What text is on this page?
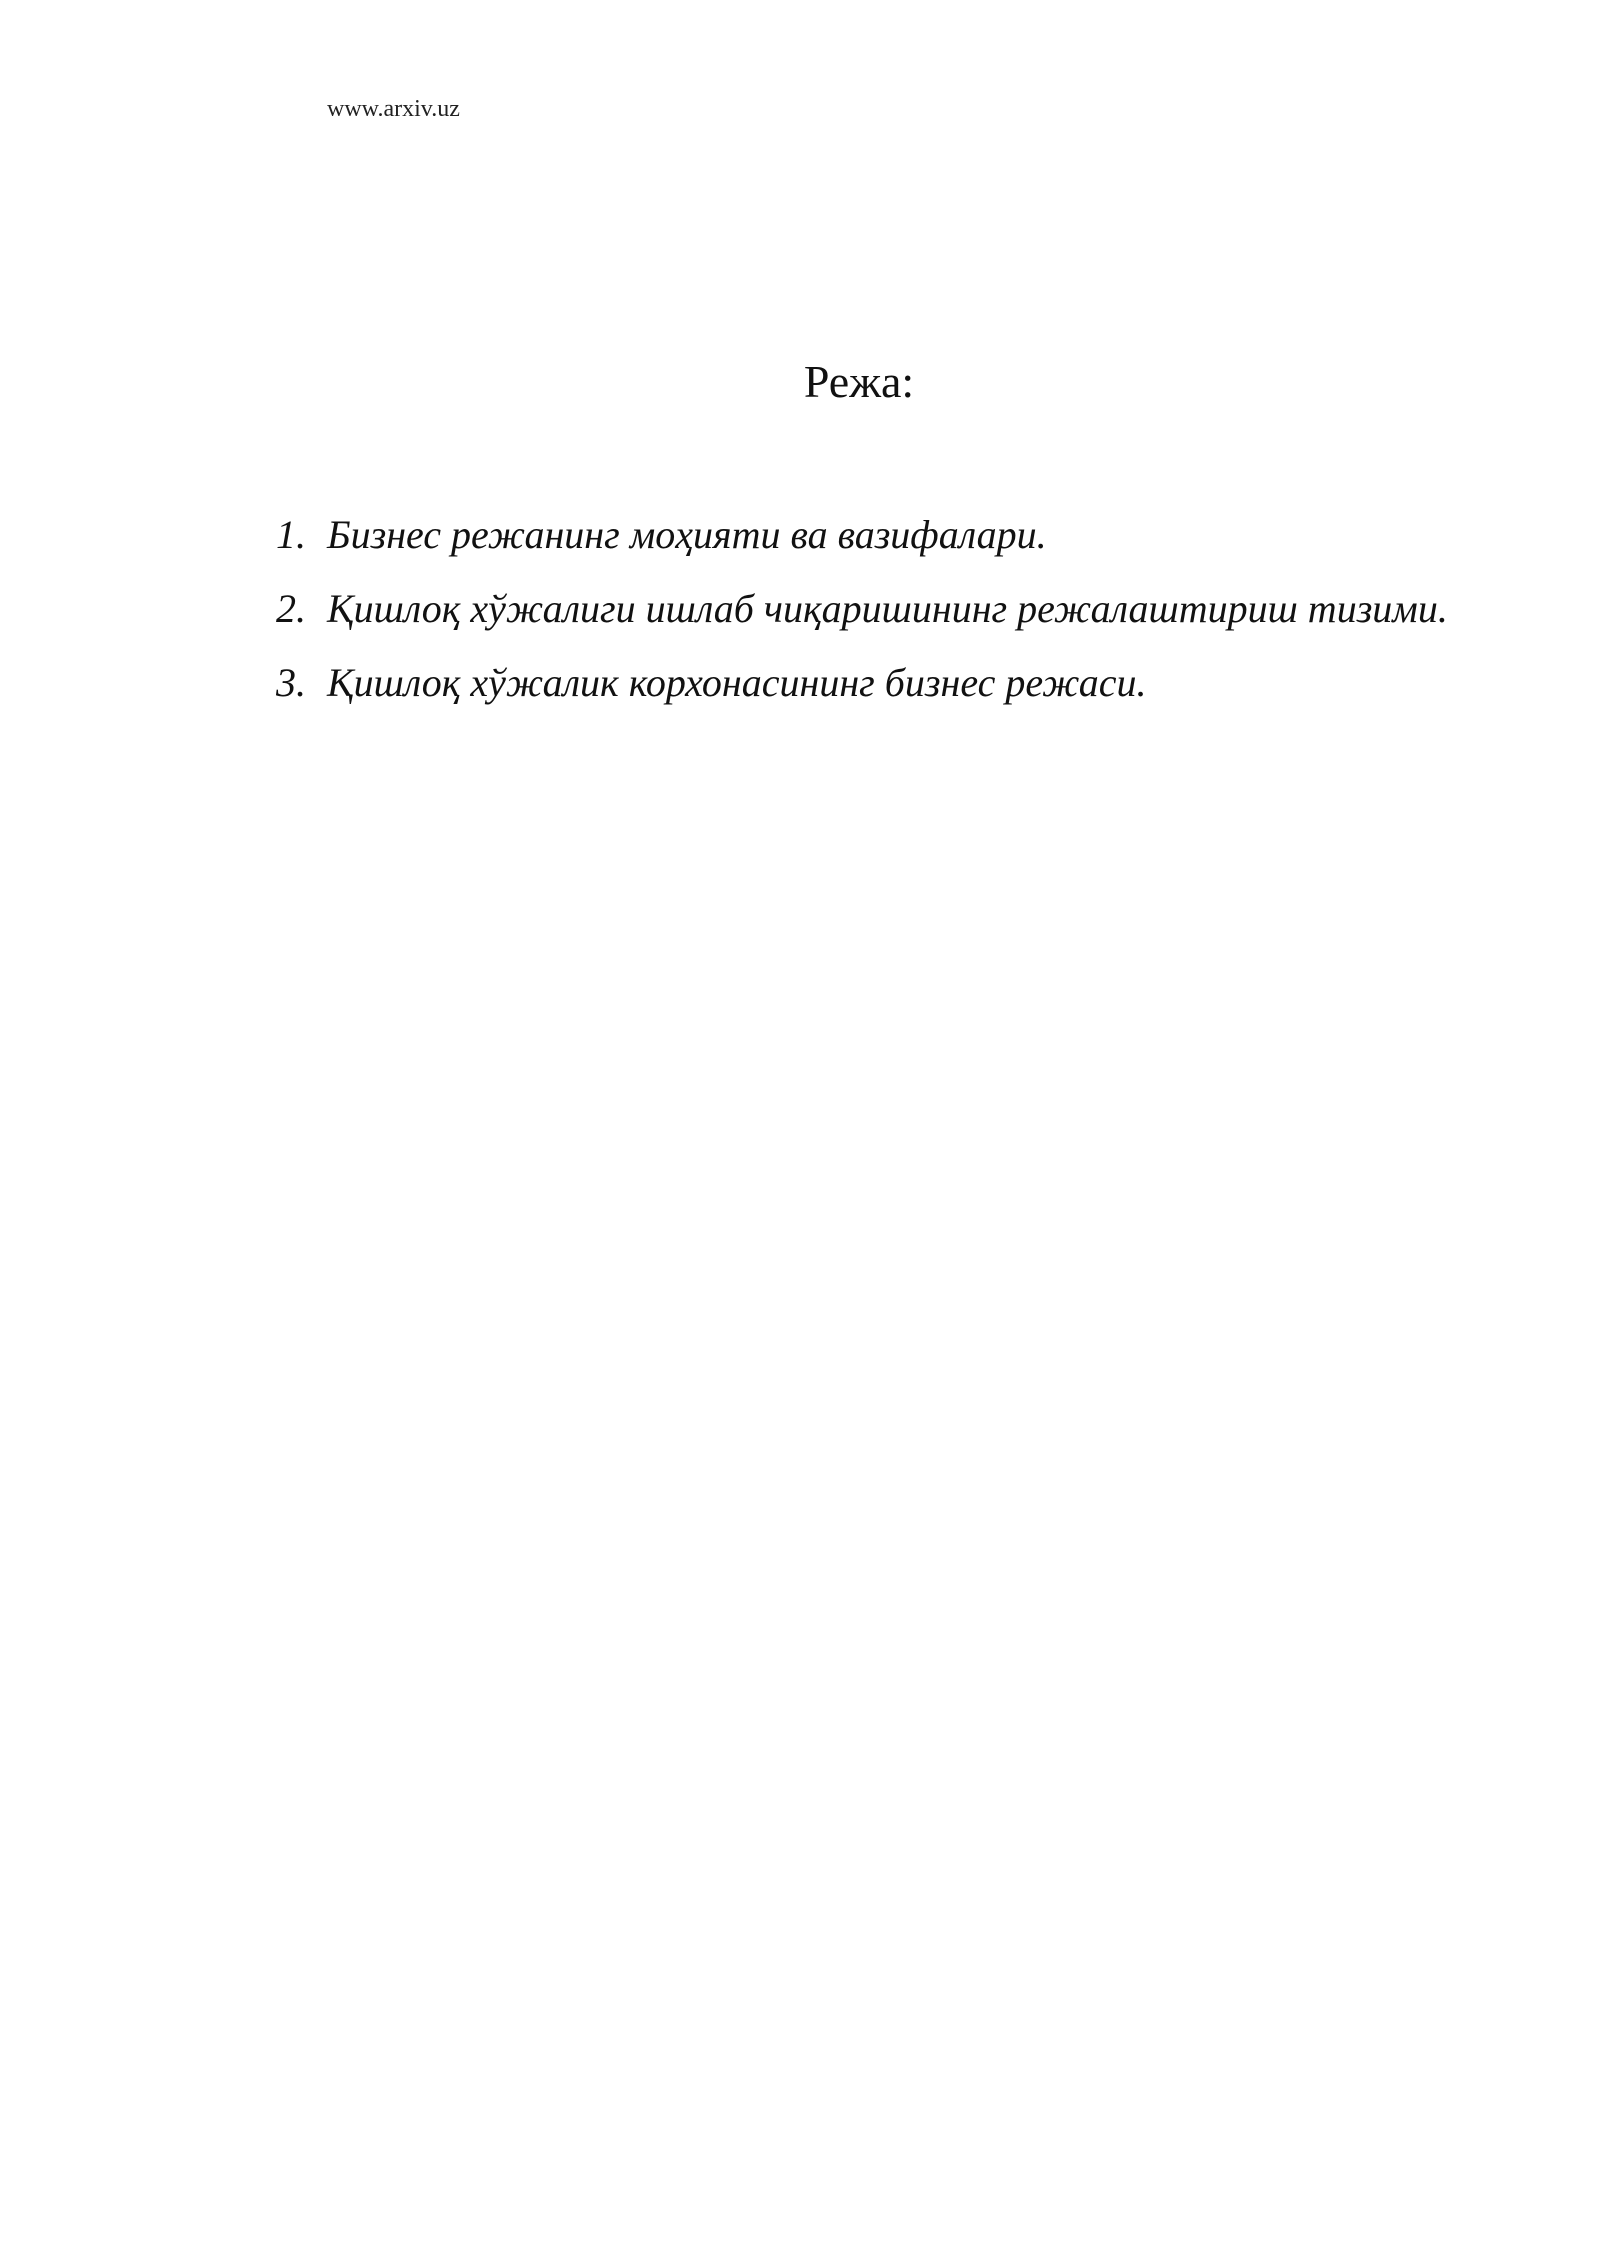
www.arxiv.uz
Режа:
1. Бизнес режанинг моҳияти ва вазифалари.
2. Қишлоқ хўжалиги ишлаб чиқаришининг режалаштириш тизими.
3. Қишлоқ хўжалик корхонасининг бизнес режаси.
